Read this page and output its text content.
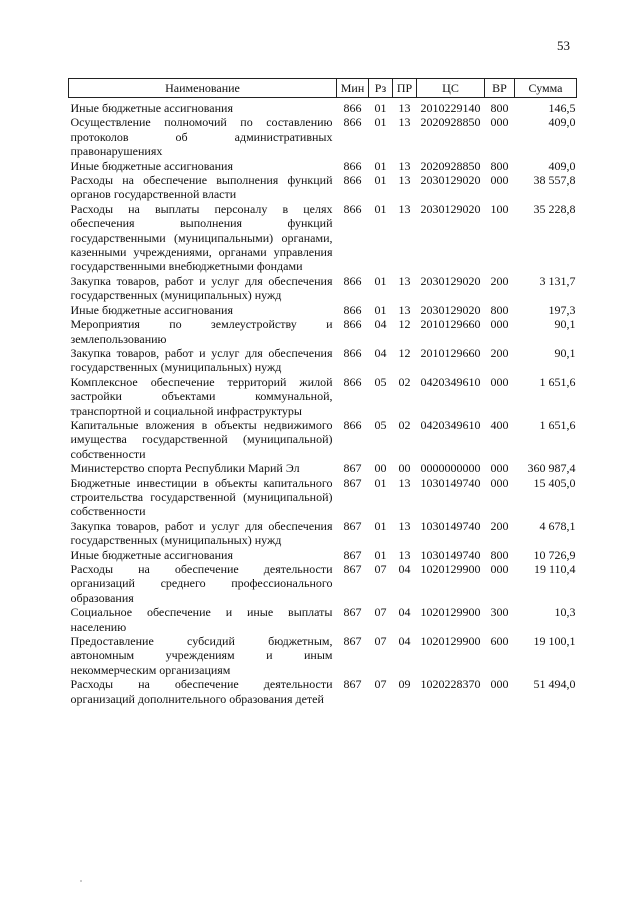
53
Наименование	Мин	Рз	ПР	ЦС	ВР	Сумма
Иные бюджетные ассигнования	866	01	13	2010229140	800	146,5
Осуществление полномочий по составлению протоколов об административных правонарушениях	866	01	13	2020928850	000	409,0
Иные бюджетные ассигнования	866	01	13	2020928850	800	409,0
Расходы на обеспечение выполнения функций органов государственной власти	866	01	13	2030129020	000	38 557,8
Расходы на выплаты персоналу в целях обеспечения выполнения функций государственными (муниципальными) органами, казенными учреждениями, органами управления государственными внебюджетными фондами	866	01	13	2030129020	100	35 228,8
Закупка товаров, работ и услуг для обеспечения государственных (муниципальных) нужд	866	01	13	2030129020	200	3 131,7
Иные бюджетные ассигнования	866	01	13	2030129020	800	197,3
Мероприятия по землеустройству и землепользованию	866	04	12	2010129660	000	90,1
Закупка товаров, работ и услуг для обеспечения государственных (муниципальных) нужд	866	04	12	2010129660	200	90,1
Комплексное обеспечение территорий жилой застройки объектами коммунальной, транспортной и социальной инфраструктуры	866	05	02	0420349610	000	1 651,6
Капитальные вложения в объекты недвижимого имущества государственной (муниципальной) собственности	866	05	02	0420349610	400	1 651,6
Министерство спорта Республики Марий Эл	867	00	00	0000000000	000	360 987,4
Бюджетные инвестиции в объекты капитального строительства государственной (муниципальной) собственности	867	01	13	1030149740	000	15 405,0
Закупка товаров, работ и услуг для обеспечения государственных (муниципальных) нужд	867	01	13	1030149740	200	4 678,1
Иные бюджетные ассигнования	867	01	13	1030149740	800	10 726,9
Расходы на обеспечение деятельности организаций среднего профессионального образования	867	07	04	1020129900	000	19 110,4
Социальное обеспечение и иные выплаты населению	867	07	04	1020129900	300	10,3
Предоставление субсидий бюджетным, автономным учреждениям и иным некоммерческим организациям	867	07	04	1020129900	600	19 100,1
Расходы на обеспечение деятельности организаций дополнительного образования детей	867	07	09	1020228370	000	51 494,0
